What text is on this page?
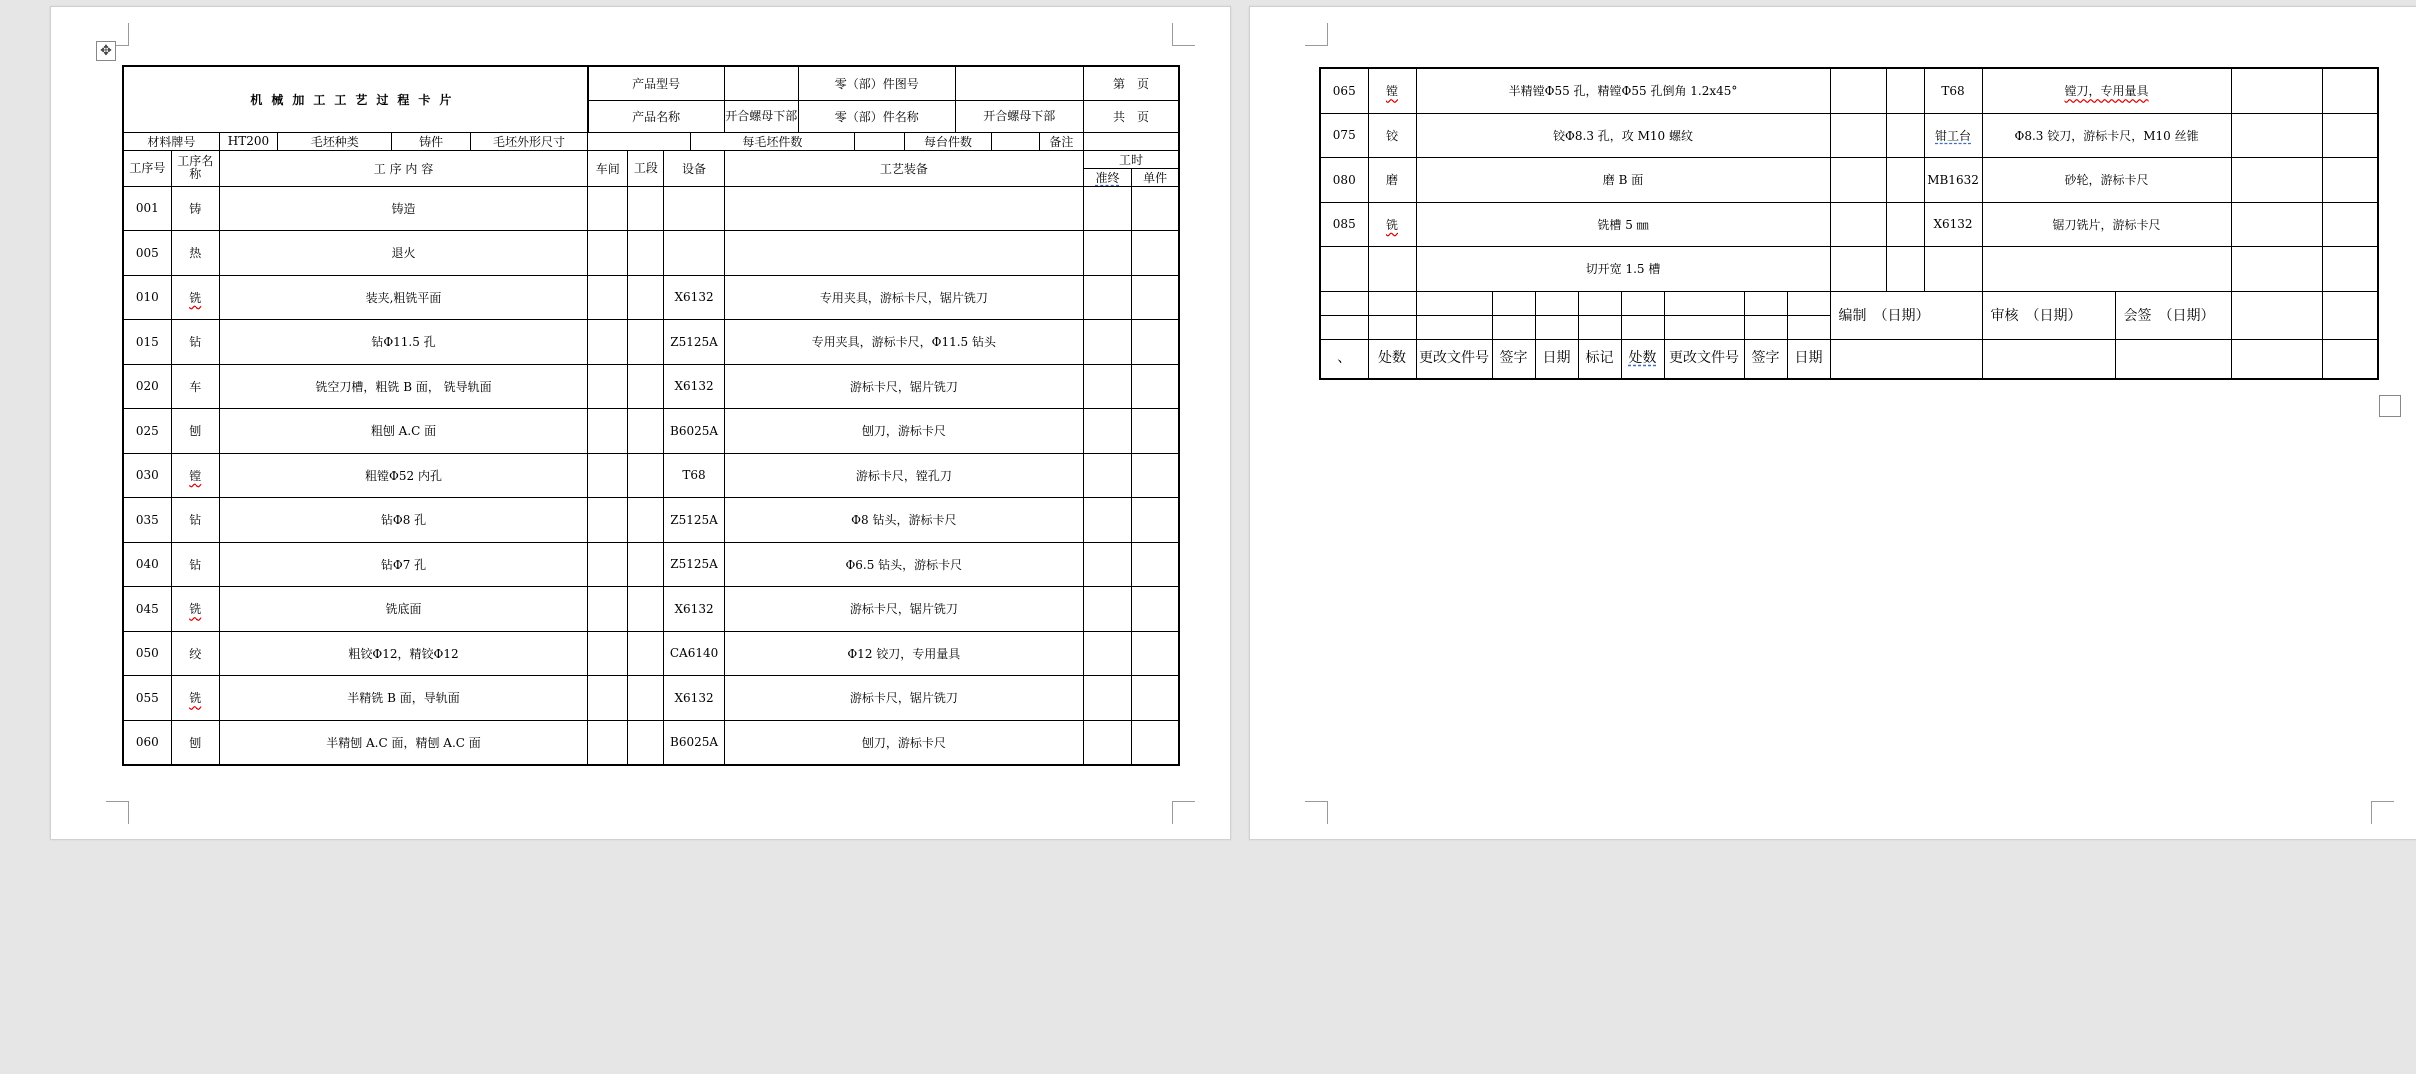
✥
机械加工工艺过程卡片						产品型号					零（部）件图号						第　页	
						产品名称				开合螺母下部	零（部）件名称			开合螺母下部			共　页	
材料牌号		HT200	毛坯种类	铸件	毛坯外形尺寸				每毛坯件数				每台件数			备注		
工序号	工序名称	工 序 内 容				车间	工段	设备		工艺装备							工时	
																	准终	单件
001	铸	铸造																
005	热	退火																
010	铣	装夹,粗铣平面						X6132		专用夹具，游标卡尺，锯片铣刀								
015	钻	钻Φ11.5 孔						Z5125A		专用夹具，游标卡尺，Φ11.5 钻头								
020	车	铣空刀槽，粗铣 B 面， 铣导轨面						X6132		游标卡尺，锯片铣刀								
025	刨	粗刨 A.C 面						B6025A		刨刀，游标卡尺								
030	镗	粗镗Φ52 内孔						T68		游标卡尺，镗孔刀								
035	钻	钻Φ8 孔						Z5125A		Φ8 钻头，游标卡尺								
040	钻	钻Φ7 孔						Z5125A		Φ6.5 钻头，游标卡尺								
045	铣	铣底面						X6132		游标卡尺，锯片铣刀								
050	绞	粗铰Φ12，精铰Φ12						CA6140		Φ12 铰刀，专用量具								
055	铣	半精铣 B 面，导轨面						X6132		游标卡尺，锯片铣刀								
060	刨	半精刨 A.C 面，精刨 A.C 面						B6025A		刨刀，游标卡尺								
065	镗	半精镗Φ55 孔，精镗Φ55 孔倒角 1.2x45°										T68	镗刀，专用量具			
075	铰	铰Φ8.3 孔，攻 M10 螺纹										钳工台	Φ8.3 铰刀，游标卡尺，M10 丝锥			
080	磨	磨 B 面										MB1632	砂轮，游标卡尺			
085	铣	铣槽 5 ㎜										X6132	锯刀铣片，游标卡尺			
		切开宽 1.5 槽														
										编制　（日期）			审核　（日期）	会签　（日期）		

、	处数	更改文件号	签字	日期	标记	处数	更改文件号	签字	日期							
